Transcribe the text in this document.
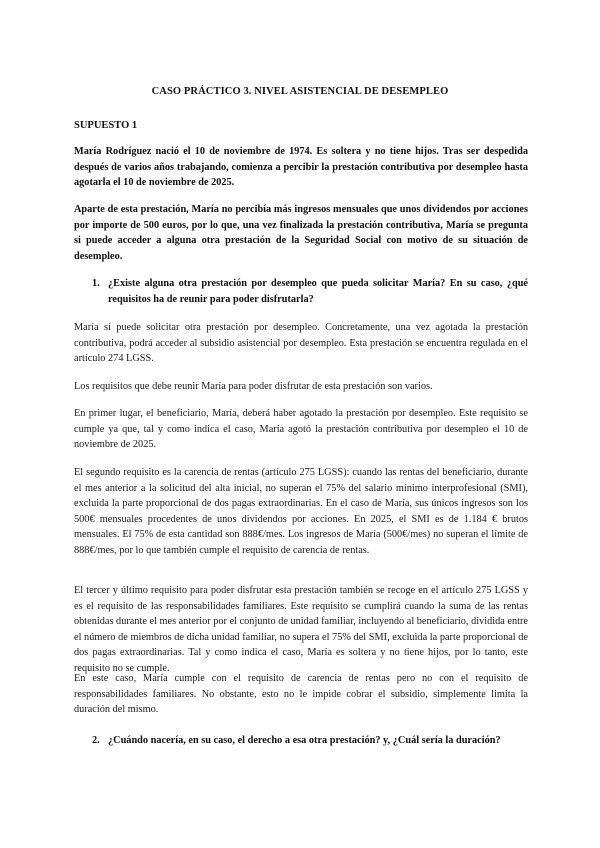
CASO PRÁCTICO 3. NIVEL ASISTENCIAL DE DESEMPLEO
SUPUESTO 1

María Rodríguez nació el 10 de noviembre de 1974. Es soltera y no tiene hijos. Tras ser despedida después de varios años trabajando, comienza a percibir la prestación contributiva por desempleo hasta agotarla el 10 de noviembre de 2025.

Aparte de esta prestación, María no percibía más ingresos mensuales que unos dividendos por acciones por importe de 500 euros, por lo que, una vez finalizada la prestación contributiva, María se pregunta si puede acceder a alguna otra prestación de la Seguridad Social con motivo de su situación de desempleo.

1. ¿Existe alguna otra prestación por desempleo que pueda solicitar María? En su caso, ¿qué requisitos ha de reunir para poder disfrutarla?

María sí puede solicitar otra prestación por desempleo. Concretamente, una vez agotada la prestación contributiva, podrá acceder al subsidio asistencial por desempleo. Esta prestación se encuentra regulada en el artículo 274 LGSS.

Los requisitos que debe reunir María para poder disfrutar de esta prestación son varios.

En primer lugar, el beneficiario, María, deberá haber agotado la prestación por desempleo. Este requisito se cumple ya que, tal y como indica el caso, María agotó la prestación contributiva por desempleo el 10 de noviembre de 2025.

El segundo requisito es la carencia de rentas (artículo 275 LGSS): cuando las rentas del beneficiario, durante el mes anterior a la solicitud del alta inicial, no superan el 75% del salario mínimo interprofesional (SMI), excluida la parte proporcional de dos pagas extraordinarias. En el caso de María, sus únicos ingresos son los 500€ mensuales procedentes de unos dividendos por acciones. En 2025, el SMI es de 1.184 € brutos mensuales. El 75% de esta cantidad son 888€/mes. Los ingresos de María (500€/mes) no superan el límite de 888€/mes, por lo que también cumple el requisito de carencia de rentas.

El tercer y último requisito para poder disfrutar esta prestación también se recoge en el artículo 275 LGSS y es el requisito de las responsabilidades familiares. Este requisito se cumplirá cuando la suma de las rentas obtenidas durante el mes anterior por el conjunto de unidad familiar, incluyendo al beneficiario, dividida entre el número de miembros de dicha unidad familiar, no supera el 75% del SMI, excluida la parte proporcional de dos pagas extraordinarias. Tal y como indica el caso, María es soltera y no tiene hijos, por lo tanto, este requisito no se cumple.

En este caso, María cumple con el requisito de carencia de rentas pero no con el requisito de responsabilidades familiares. No obstante, esto no le impide cobrar el subsidio, simplemente limita la duración del mismo.

2. ¿Cuándo nacería, en su caso, el derecho a esa otra prestación? y, ¿Cuál sería la duración?
